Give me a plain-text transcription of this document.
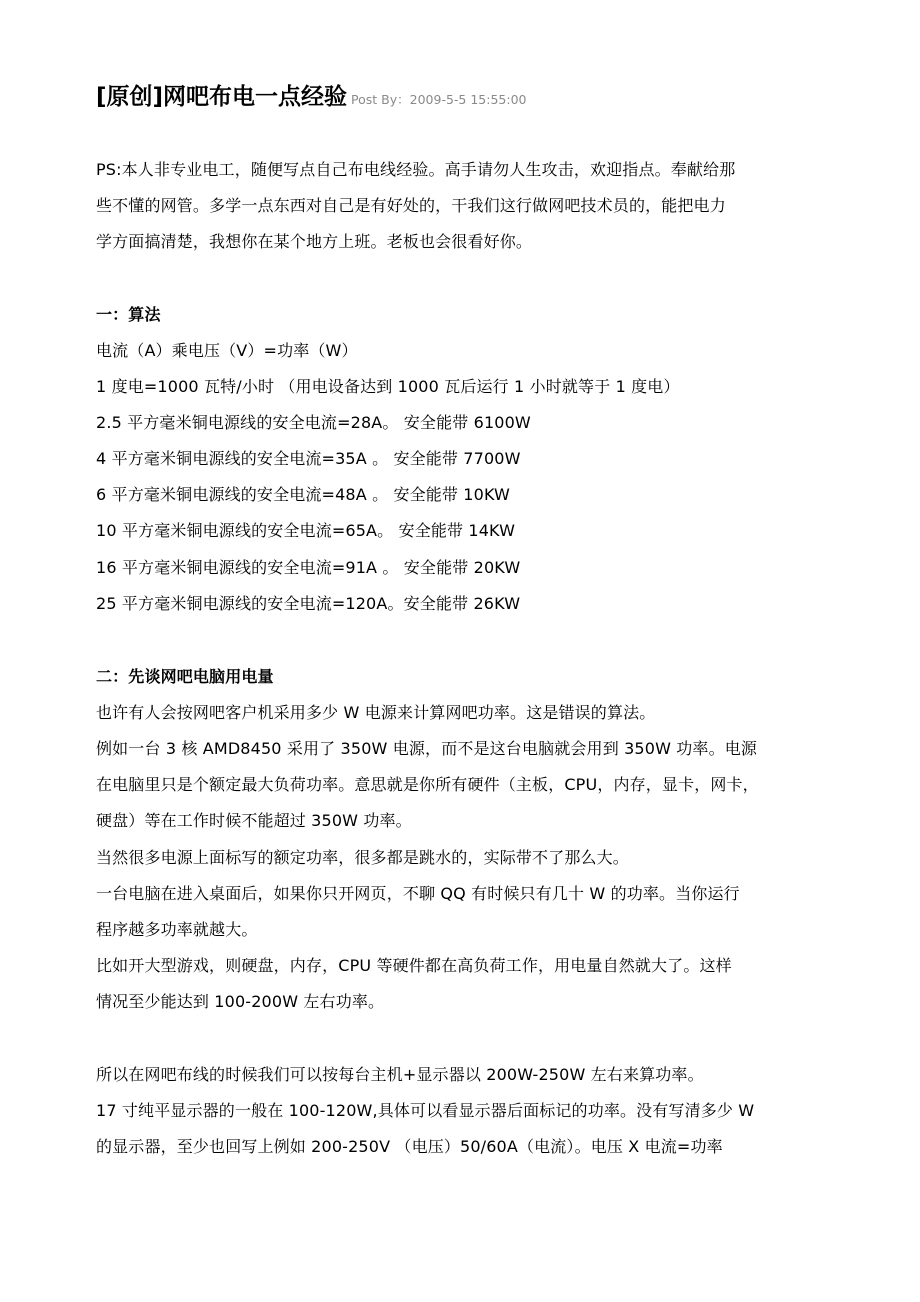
[原创]网吧布电一点经验 Post By：2009-5-5 15:55:00
PS:本人非专业电工，随便写点自己布电线经验。高手请勿人生攻击，欢迎指点。奉献给那
些不懂的网管。多学一点东西对自己是有好处的，干我们这行做网吧技术员的，能把电力
学方面搞清楚，我想你在某个地方上班。老板也会很看好你。
一：算法
电流（A）乘电压（V）=功率（W）
1 度电=1000 瓦特/小时 （用电设备达到 1000 瓦后运行 1 小时就等于 1 度电）
2.5 平方毫米铜电源线的安全电流=28A。 安全能带 6100W
4 平方毫米铜电源线的安全电流=35A 。 安全能带 7700W
6 平方毫米铜电源线的安全电流=48A 。 安全能带 10KW
10 平方毫米铜电源线的安全电流=65A。 安全能带 14KW
16 平方毫米铜电源线的安全电流=91A 。 安全能带 20KW
25 平方毫米铜电源线的安全电流=120A。安全能带 26KW
二：先谈网吧电脑用电量
也许有人会按网吧客户机采用多少 W 电源来计算网吧功率。这是错误的算法。
例如一台 3 核 AMD8450 采用了 350W 电源，而不是这台电脑就会用到 350W 功率。电源
在电脑里只是个额定最大负荷功率。意思就是你所有硬件（主板，CPU，内存，显卡，网卡，
硬盘）等在工作时候不能超过 350W 功率。
当然很多电源上面标写的额定功率，很多都是跳水的，实际带不了那么大。
一台电脑在进入桌面后，如果你只开网页，不聊 QQ 有时候只有几十 W 的功率。当你运行
程序越多功率就越大。
比如开大型游戏，则硬盘，内存，CPU 等硬件都在高负荷工作，用电量自然就大了。这样
情况至少能达到 100-200W 左右功率。
所以在网吧布线的时候我们可以按每台主机+显示器以 200W-250W 左右来算功率。
17 寸纯平显示器的一般在 100-120W,具体可以看显示器后面标记的功率。没有写清多少 W
的显示器，至少也回写上例如 200-250V （电压）50/60A（电流）。电压 X 电流=功率
